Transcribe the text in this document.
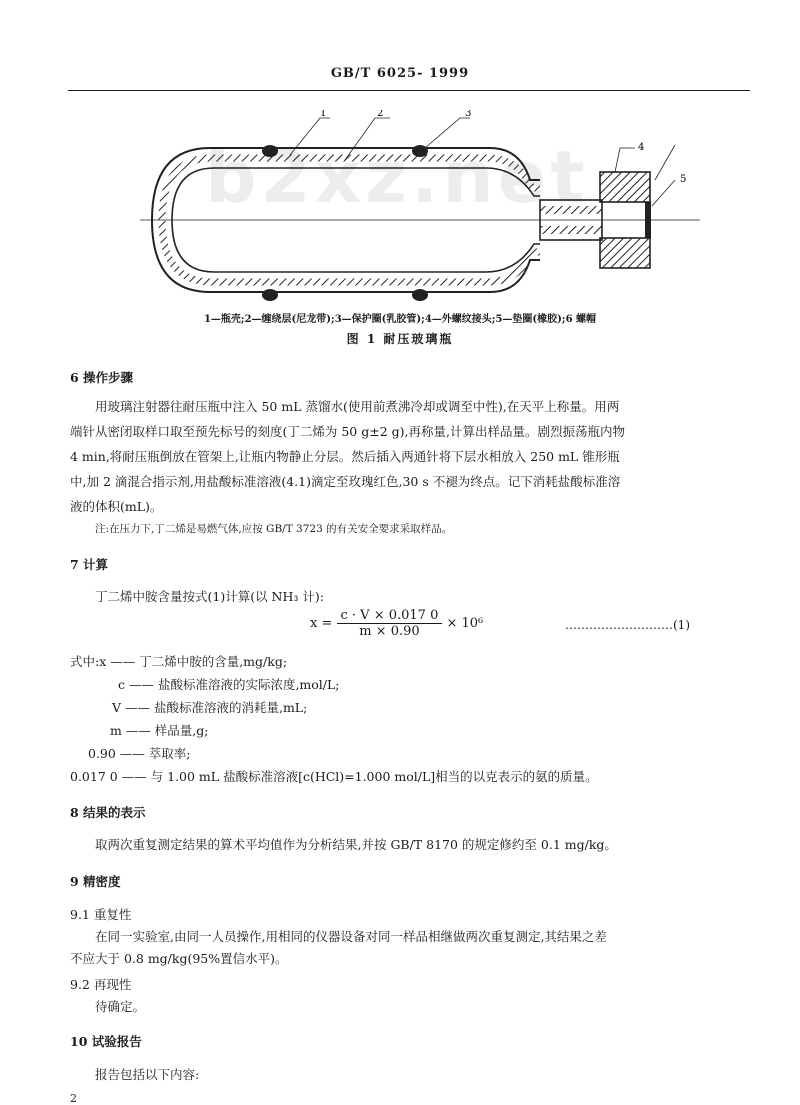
GB/T 6025- 1999
1	2	3
4
5
b2xz.net
1—瓶壳;2—缠绕层(尼龙带);3—保护圈(乳胶管);4—外螺纹接头;5—垫圈(橡胶);6 螺帽
图 1 耐压玻璃瓶
6 操作步骤
用玻璃注射器往耐压瓶中注入 50 mL 蒸馏水(使用前煮沸冷却或调至中性),在天平上称量。用两
端针从密闭取样口取至预先标号的刻度(丁二烯为 50 g±2 g),再称量,计算出样品量。剧烈振荡瓶内物
4 min,将耐压瓶倒放在管架上,让瓶内物静止分层。然后插入两通针将下层水相放入 250 mL 锥形瓶
中,加 2 滴混合指示剂,用盐酸标准溶液(4.1)滴定至玫瑰红色,30 s 不褪为终点。记下消耗盐酸标准溶
液的体积(mL)。
注:在压力下,丁二烯是易燃气体,应按 GB/T 3723 的有关安全要求采取样品。
7 计算
丁二烯中胺含量按式(1)计算(以 NH₃ 计):
$x = \frac{c \cdot V \times 0.017 0}{m \times 0.90} \times 10^6$	………………………(1)
式中:x —— 丁二烯中胺的含量,mg/kg;
c —— 盐酸标准溶液的实际浓度,mol/L;
V —— 盐酸标准溶液的消耗量,mL;
m —— 样品量,g;
0.90 —— 萃取率;
0.017 0 —— 与 1.00 mL 盐酸标准溶液[c(HCl)=1.000 mol/L]相当的以克表示的氨的质量。
8 结果的表示
取两次重复测定结果的算术平均值作为分析结果,并按 GB/T 8170 的规定修约至 0.1 mg/kg。
9 精密度
9.1 重复性
在同一实验室,由同一人员操作,用相同的仪器设备对同一样品相继做两次重复测定,其结果之差
不应大于 0.8 mg/kg(95%置信水平)。
9.2 再现性
待确定。
10 试验报告
报告包括以下内容:
2
